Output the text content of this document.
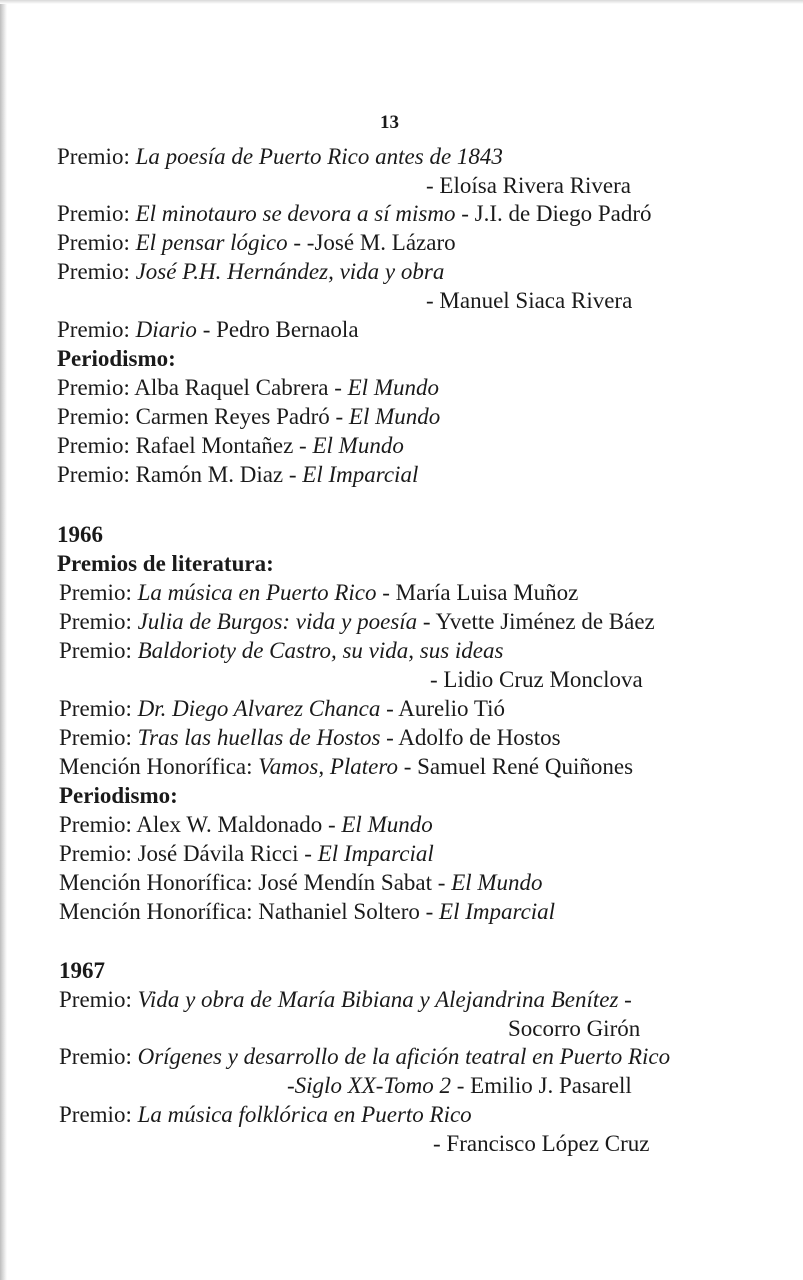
13
Premio: La poesía de Puerto Rico antes de 1843
- Eloísa Rivera Rivera
Premio: El minotauro se devora a sí mismo - J.I. de Diego Padró
Premio: El pensar lógico - -José M. Lázaro
Premio: José P.H. Hernández, vida y obra
- Manuel Siaca Rivera
Premio: Diario - Pedro Bernaola
Periodismo:
Premio: Alba Raquel Cabrera - El Mundo
Premio: Carmen Reyes Padró - El Mundo
Premio: Rafael Montañez - El Mundo
Premio: Ramón M. Diaz - El Imparcial
1966
Premios de literatura:
Premio: La música en Puerto Rico - María Luisa Muñoz
Premio: Julia de Burgos: vida y poesía - Yvette Jiménez de Báez
Premio: Baldorioty de Castro, su vida, sus ideas
- Lidio Cruz Monclova
Premio: Dr. Diego Alvarez Chanca - Aurelio Tió
Premio: Tras las huellas de Hostos - Adolfo de Hostos
Mención Honorífica: Vamos, Platero - Samuel René Quiñones
Periodismo:
Premio: Alex W. Maldonado - El Mundo
Premio: José Dávila Ricci - El Imparcial
Mención Honorífica: José Mendín Sabat - El Mundo
Mención Honorífica: Nathaniel Soltero - El Imparcial
1967
Premio: Vida y obra de María Bibiana y Alejandrina Benítez -
Socorro Girón
Premio: Orígenes y desarrollo de la afición teatral en Puerto Rico
-Siglo XX-Tomo 2 - Emilio J. Pasarell
Premio: La música folklórica en Puerto Rico
- Francisco López Cruz
